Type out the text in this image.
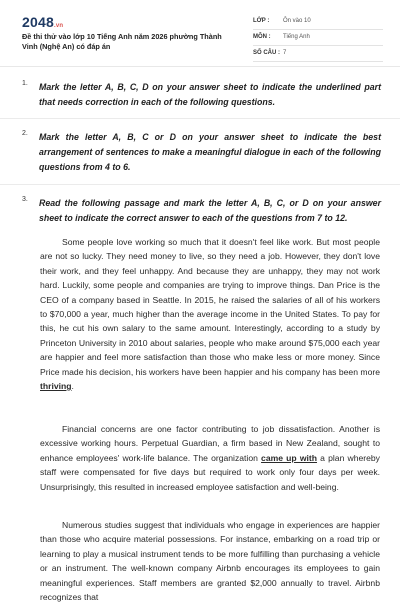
2048.vn
Đề thi thử vào lớp 10 Tiếng Anh năm 2026 phường Thành Vinh (Nghệ An) có đáp án
LỚP : Ôn vào 10
MÔN : Tiếng Anh
SỐ CÂU : 7
1. Mark the letter A, B, C, D on your answer sheet to indicate the underlined part that needs correction in each of the following questions.
2. Mark the letter A, B, C or D on your answer sheet to indicate the best arrangement of sentences to make a meaningful dialogue in each of the following questions from 4 to 6.
3. Read the following passage and mark the letter A, B, C, or D on your answer sheet to indicate the correct answer to each of the questions from 7 to 12.

Some people love working so much that it doesn't feel like work. But most people are not so lucky. They need money to live, so they need a job. However, they don't love their work, and they feel unhappy. And because they are unhappy, they may not work hard. Luckily, some people and companies are trying to improve things. Dan Price is the CEO of a company based in Seattle. In 2015, he raised the salaries of all of his workers to $70,000 a year, much higher than the average income in the United States. To pay for this, he cut his own salary to the same amount. Interestingly, according to a study by Princeton University in 2010 about salaries, people who make around $75,000 each year are happier and feel more satisfaction than those who make less or more money. Since Price made his decision, his workers have been happier and his company has been more thriving.

Financial concerns are one factor contributing to job dissatisfaction. Another is excessive working hours. Perpetual Guardian, a firm based in New Zealand, sought to enhance employees' work-life balance. The organization came up with a plan whereby staff were compensated for five days but required to work only four days per week. Unsurprisingly, this resulted in increased employee satisfaction and well-being.

Numerous studies suggest that individuals who engage in experiences are happier than those who acquire material possessions. For instance, embarking on a road trip or learning to play a musical instrument tends to be more fulfilling than purchasing a vehicle or an instrument. The well-known company Airbnb encourages its employees to gain meaningful experiences. Staff members are granted $2,000 annually to travel. Airbnb recognizes that
